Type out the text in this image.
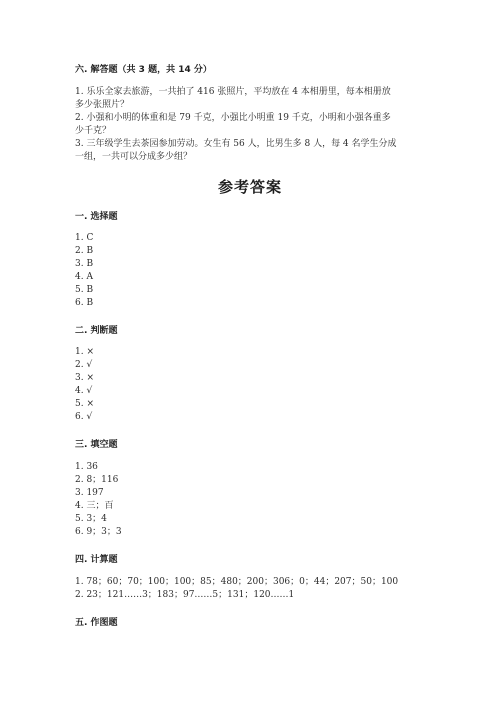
六. 解答题（共 3 题，共 14 分）
1. 乐乐全家去旅游，一共拍了 416 张照片，平均放在 4 本相册里，每本相册放
多少张照片？
2. 小强和小明的体重和是 79 千克，小强比小明重 19 千克，小明和小强各重多
少千克？
3. 三年级学生去茶园参加劳动。女生有 56 人，比男生多 8 人，每 4 名学生分成
一组，一共可以分成多少组？
参考答案
一. 选择题
1. C
2. B
3. B
4. A
5. B
6. B
二. 判断题
1. ×
2. √
3. ×
4. √
5. ×
6. √
三. 填空题
1. 36
2. 8；116
3. 197
4. 三；百
5. 3；4
6. 9；3；3
四. 计算题
1. 78；60；70；100；100；85；480；200；306；0；44；207；50；100
2. 23；121……3；183；97……5；131；120……1
五. 作图题
